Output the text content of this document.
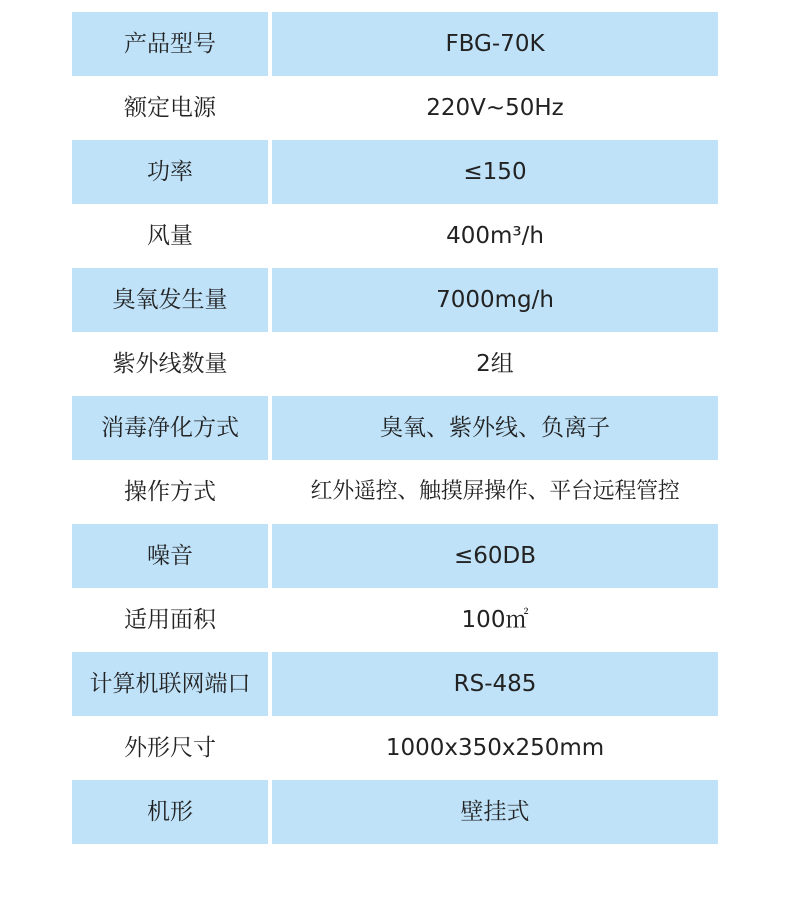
产品型号	FBG-70K
额定电源	220V~50Hz
功率	≤150
风量	400m³/h
臭氧发生量	7000mg/h
紫外线数量	2组
消毒净化方式	臭氧、紫外线、负离子
操作方式	红外遥控、触摸屏操作、平台远程管控
噪音	≤60DB
适用面积	100㎡
计算机联网端口	RS-485
外形尺寸	1000x350x250mm
机形	壁挂式
